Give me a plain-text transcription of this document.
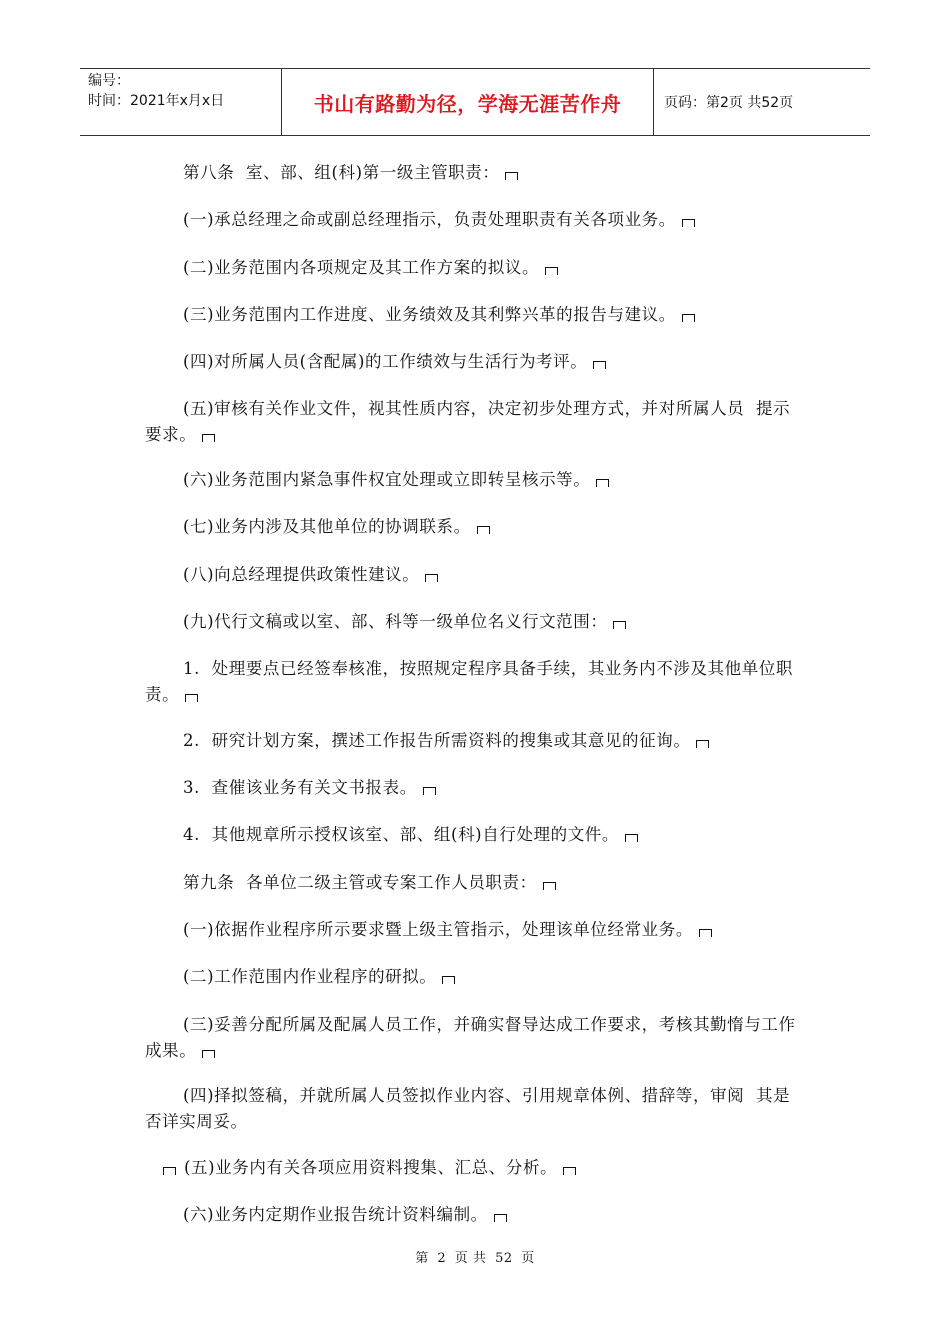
编号：
时间：2021年x月x日	书山有路勤为径，学海无涯苦作舟	页码：第2页 共52页
第八条  室、部、组(科)第一级主管职责：
(一)承总经理之命或副总经理指示，负责处理职责有关各项业务。
(二)业务范围内各项规定及其工作方案的拟议。
(三)业务范围内工作进度、业务绩效及其利弊兴革的报告与建议。
(四)对所属人员(含配属)的工作绩效与生活行为考评。
(五)审核有关作业文件，视其性质内容，决定初步处理方式，并对所属人员  提示要求。
(六)业务范围内紧急事件权宜处理或立即转呈核示等。
(七)业务内涉及其他单位的协调联系。
(八)向总经理提供政策性建议。
(九)代行文稿或以室、部、科等一级单位名义行文范围：
1.  处理要点已经签奉核准，按照规定程序具备手续，其业务内不涉及其他单位职责。
2.  研究计划方案，撰述工作报告所需资料的搜集或其意见的征询。
3.  查催该业务有关文书报表。
4.  其他规章所示授权该室、部、组(科)自行处理的文件。
第九条  各单位二级主管或专案工作人员职责：
(一)依据作业程序所示要求暨上级主管指示，处理该单位经常业务。
(二)工作范围内作业程序的研拟。
(三)妥善分配所属及配属人员工作，并确实督导达成工作要求，考核其勤惰与工作成果。
(四)择拟签稿，并就所属人员签拟作业内容、引用规章体例、措辞等，审阅  其是否详实周妥。
(五)业务内有关各项应用资料搜集、汇总、分析。
(六)业务内定期作业报告统计资料编制。
第 2 页 共 52 页
